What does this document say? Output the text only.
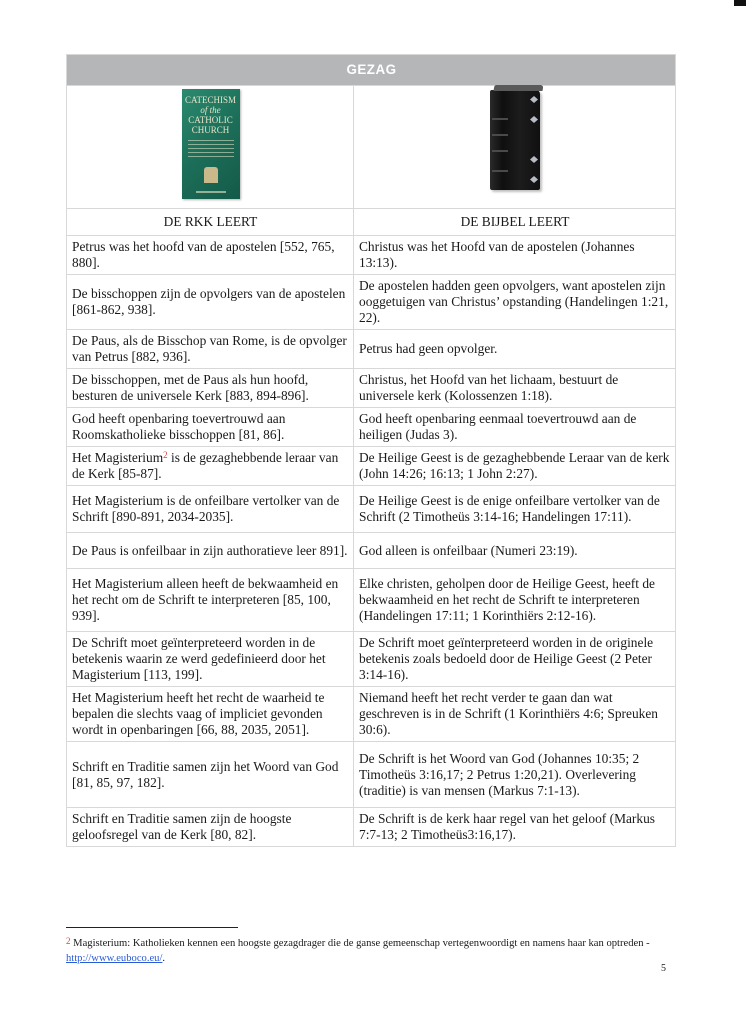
GEZAG	

CATECHISM
of the
CATHOLIC
CHURCH	

DE RKK LEERT	DE BIJBEL LEERT
Petrus was het hoofd van de apostelen [552, 765, 880].	Christus was het Hoofd van de apostelen (Johannes 13:13).
De bisschoppen zijn de opvolgers van de apostelen [861-862, 938].	De apostelen hadden geen opvolgers, want apostelen zijn ooggetuigen van Christus’ opstanding (Handelingen 1:21, 22).
De Paus, als de Bisschop van Rome, is de opvolger van Petrus [882, 936].	Petrus had geen opvolger.
De bisschoppen, met de Paus als hun hoofd, besturen de universele Kerk [883, 894-896].	Christus, het Hoofd van het lichaam, bestuurt de universele kerk (Kolossenzen 1:18).
God heeft openbaring toevertrouwd aan Roomskatholieke bisschoppen [81, 86].	God heeft openbaring eenmaal toevertrouwd aan de heiligen (Judas 3).
Het Magisterium$^2$ is de gezaghebbende leraar van de Kerk [85-87].	De Heilige Geest is de gezaghebbende Leraar van de kerk (John 14:26; 16:13; 1 John 2:27).
Het Magisterium is de onfeilbare vertolker van de Schrift [890-891, 2034-2035].	De Heilige Geest is de enige onfeilbare vertolker van de Schrift (2 Timotheüs 3:14-16; Handelingen 17:11).
De Paus is onfeilbaar in zijn authoratieve leer 891].	God alleen is onfeilbaar (Numeri 23:19).
Het Magisterium alleen heeft de bekwaamheid en het recht om de Schrift te interpreteren [85, 100, 939].	Elke christen, geholpen door de Heilige Geest, heeft de bekwaamheid en het recht de Schrift te interpreteren (Handelingen 17:11; 1 Korinthiërs 2:12-16).
De Schrift moet geïnterpreteerd worden in de betekenis waarin ze werd gedefinieerd door het Magisterium [113, 199].	De Schrift moet geïnterpreteerd worden in de originele betekenis zoals bedoeld door de Heilige Geest (2 Peter 3:14-16).
Het Magisterium heeft het recht de waarheid te bepalen die slechts vaag of impliciet gevonden wordt in openbaringen [66, 88, 2035, 2051].	Niemand heeft het recht verder te gaan dan wat geschreven is in de Schrift (1 Korinthiërs 4:6; Spreuken 30:6).
Schrift en Traditie samen zijn het Woord van God [81, 85, 97, 182].	De Schrift is het Woord van God (Johannes 10:35; 2 Timotheüs 3:16,17; 2 Petrus 1:20,21). Overlevering (traditie) is van mensen (Markus 7:1-13).
Schrift en Traditie samen zijn de hoogste geloofsregel van de Kerk [80, 82].	De Schrift is de kerk haar regel van het geloof (Markus 7:7-13; 2 Timotheüs3:16,17).
$^2$ Magisterium: Katholieken kennen een hoogste gezagdrager die de ganse gemeenschap vertegenwoordigt en namens haar kan optreden - http://www.euboco.eu/.
5
